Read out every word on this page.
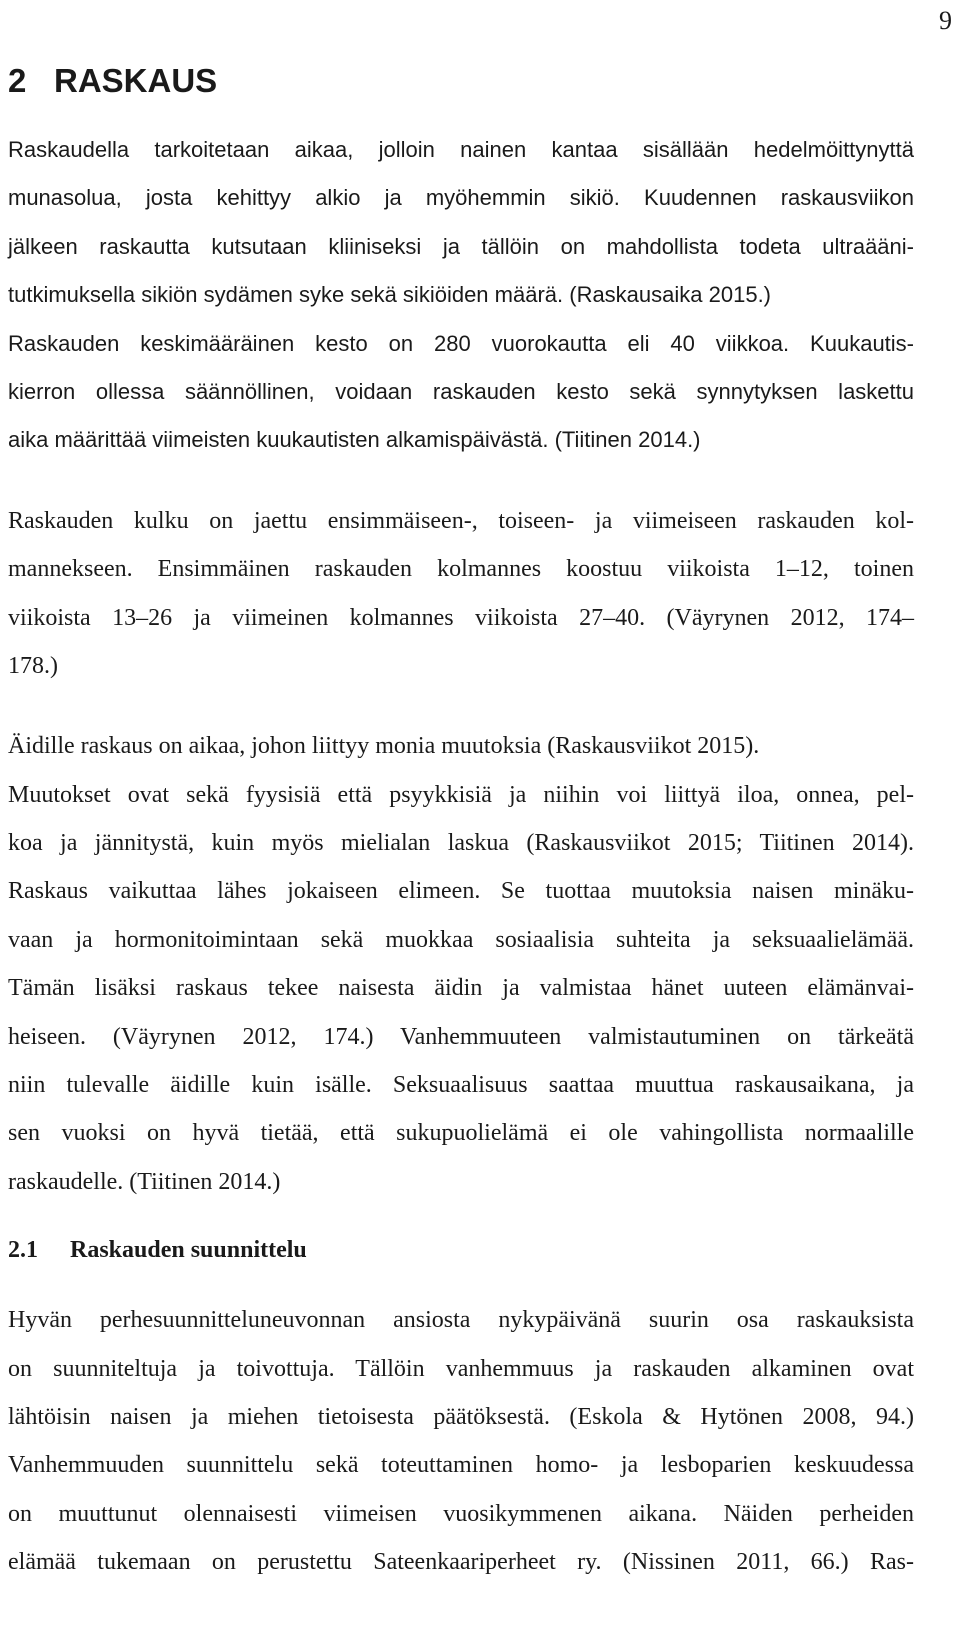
9
2 RASKAUS
Raskaudella tarkoitetaan aikaa, jolloin nainen kantaa sisällään hedelmöittynyttä
munasolua, josta kehittyy alkio ja myöhemmin sikiö. Kuudennen raskausviikon
jälkeen raskautta kutsutaan kliiniseksi ja tällöin on mahdollista todeta ultraääni-
tutkimuksella sikiön sydämen syke sekä sikiöiden määrä. (Raskausaika 2015.)
Raskauden keskimääräinen kesto on 280 vuorokautta eli 40 viikkoa. Kuukautis-
kierron ollessa säännöllinen, voidaan raskauden kesto sekä synnytyksen laskettu
aika määrittää viimeisten kuukautisten alkamispäivästä. (Tiitinen 2014.)
Raskauden kulku on jaettu ensimmäiseen-, toiseen- ja viimeiseen raskauden kol-
mannekseen. Ensimmäinen raskauden kolmannes koostuu viikoista 1–12, toinen
viikoista 13–26 ja viimeinen kolmannes viikoista 27–40. (Väyrynen 2012, 174–
178.)
Äidille raskaus on aikaa, johon liittyy monia muutoksia (Raskausviikot 2015).
Muutokset ovat sekä fyysisiä että psyykkisiä ja niihin voi liittyä iloa, onnea, pel-
koa ja jännitystä, kuin myös mielialan laskua (Raskausviikot 2015; Tiitinen 2014).
Raskaus vaikuttaa lähes jokaiseen elimeen. Se tuottaa muutoksia naisen minäku-
vaan ja hormonitoimintaan sekä muokkaa sosiaalisia suhteita ja seksuaalielämää.
Tämän lisäksi raskaus tekee naisesta äidin ja valmistaa hänet uuteen elämänvai-
heiseen. (Väyrynen 2012, 174.) Vanhemmuuteen valmistautuminen on tärkeätä
niin tulevalle äidille kuin isälle. Seksuaalisuus saattaa muuttua raskausaikana, ja
sen vuoksi on hyvä tietää, että sukupuolielämä ei ole vahingollista normaalille
raskaudelle. (Tiitinen 2014.)
2.1 Raskauden suunnittelu
Hyvän perhesuunnitteluneuvonnan ansiosta nykypäivänä suurin osa raskauksista
on suunniteltuja ja toivottuja. Tällöin vanhemmuus ja raskauden alkaminen ovat
lähtöisin naisen ja miehen tietoisesta päätöksestä. (Eskola & Hytönen 2008, 94.)
Vanhemmuuden suunnittelu sekä toteuttaminen homo- ja lesboparien keskuudessa
on muuttunut olennaisesti viimeisen vuosikymmenen aikana. Näiden perheiden
elämää tukemaan on perustettu Sateenkaariperheet ry. (Nissinen 2011, 66.) Ras-
